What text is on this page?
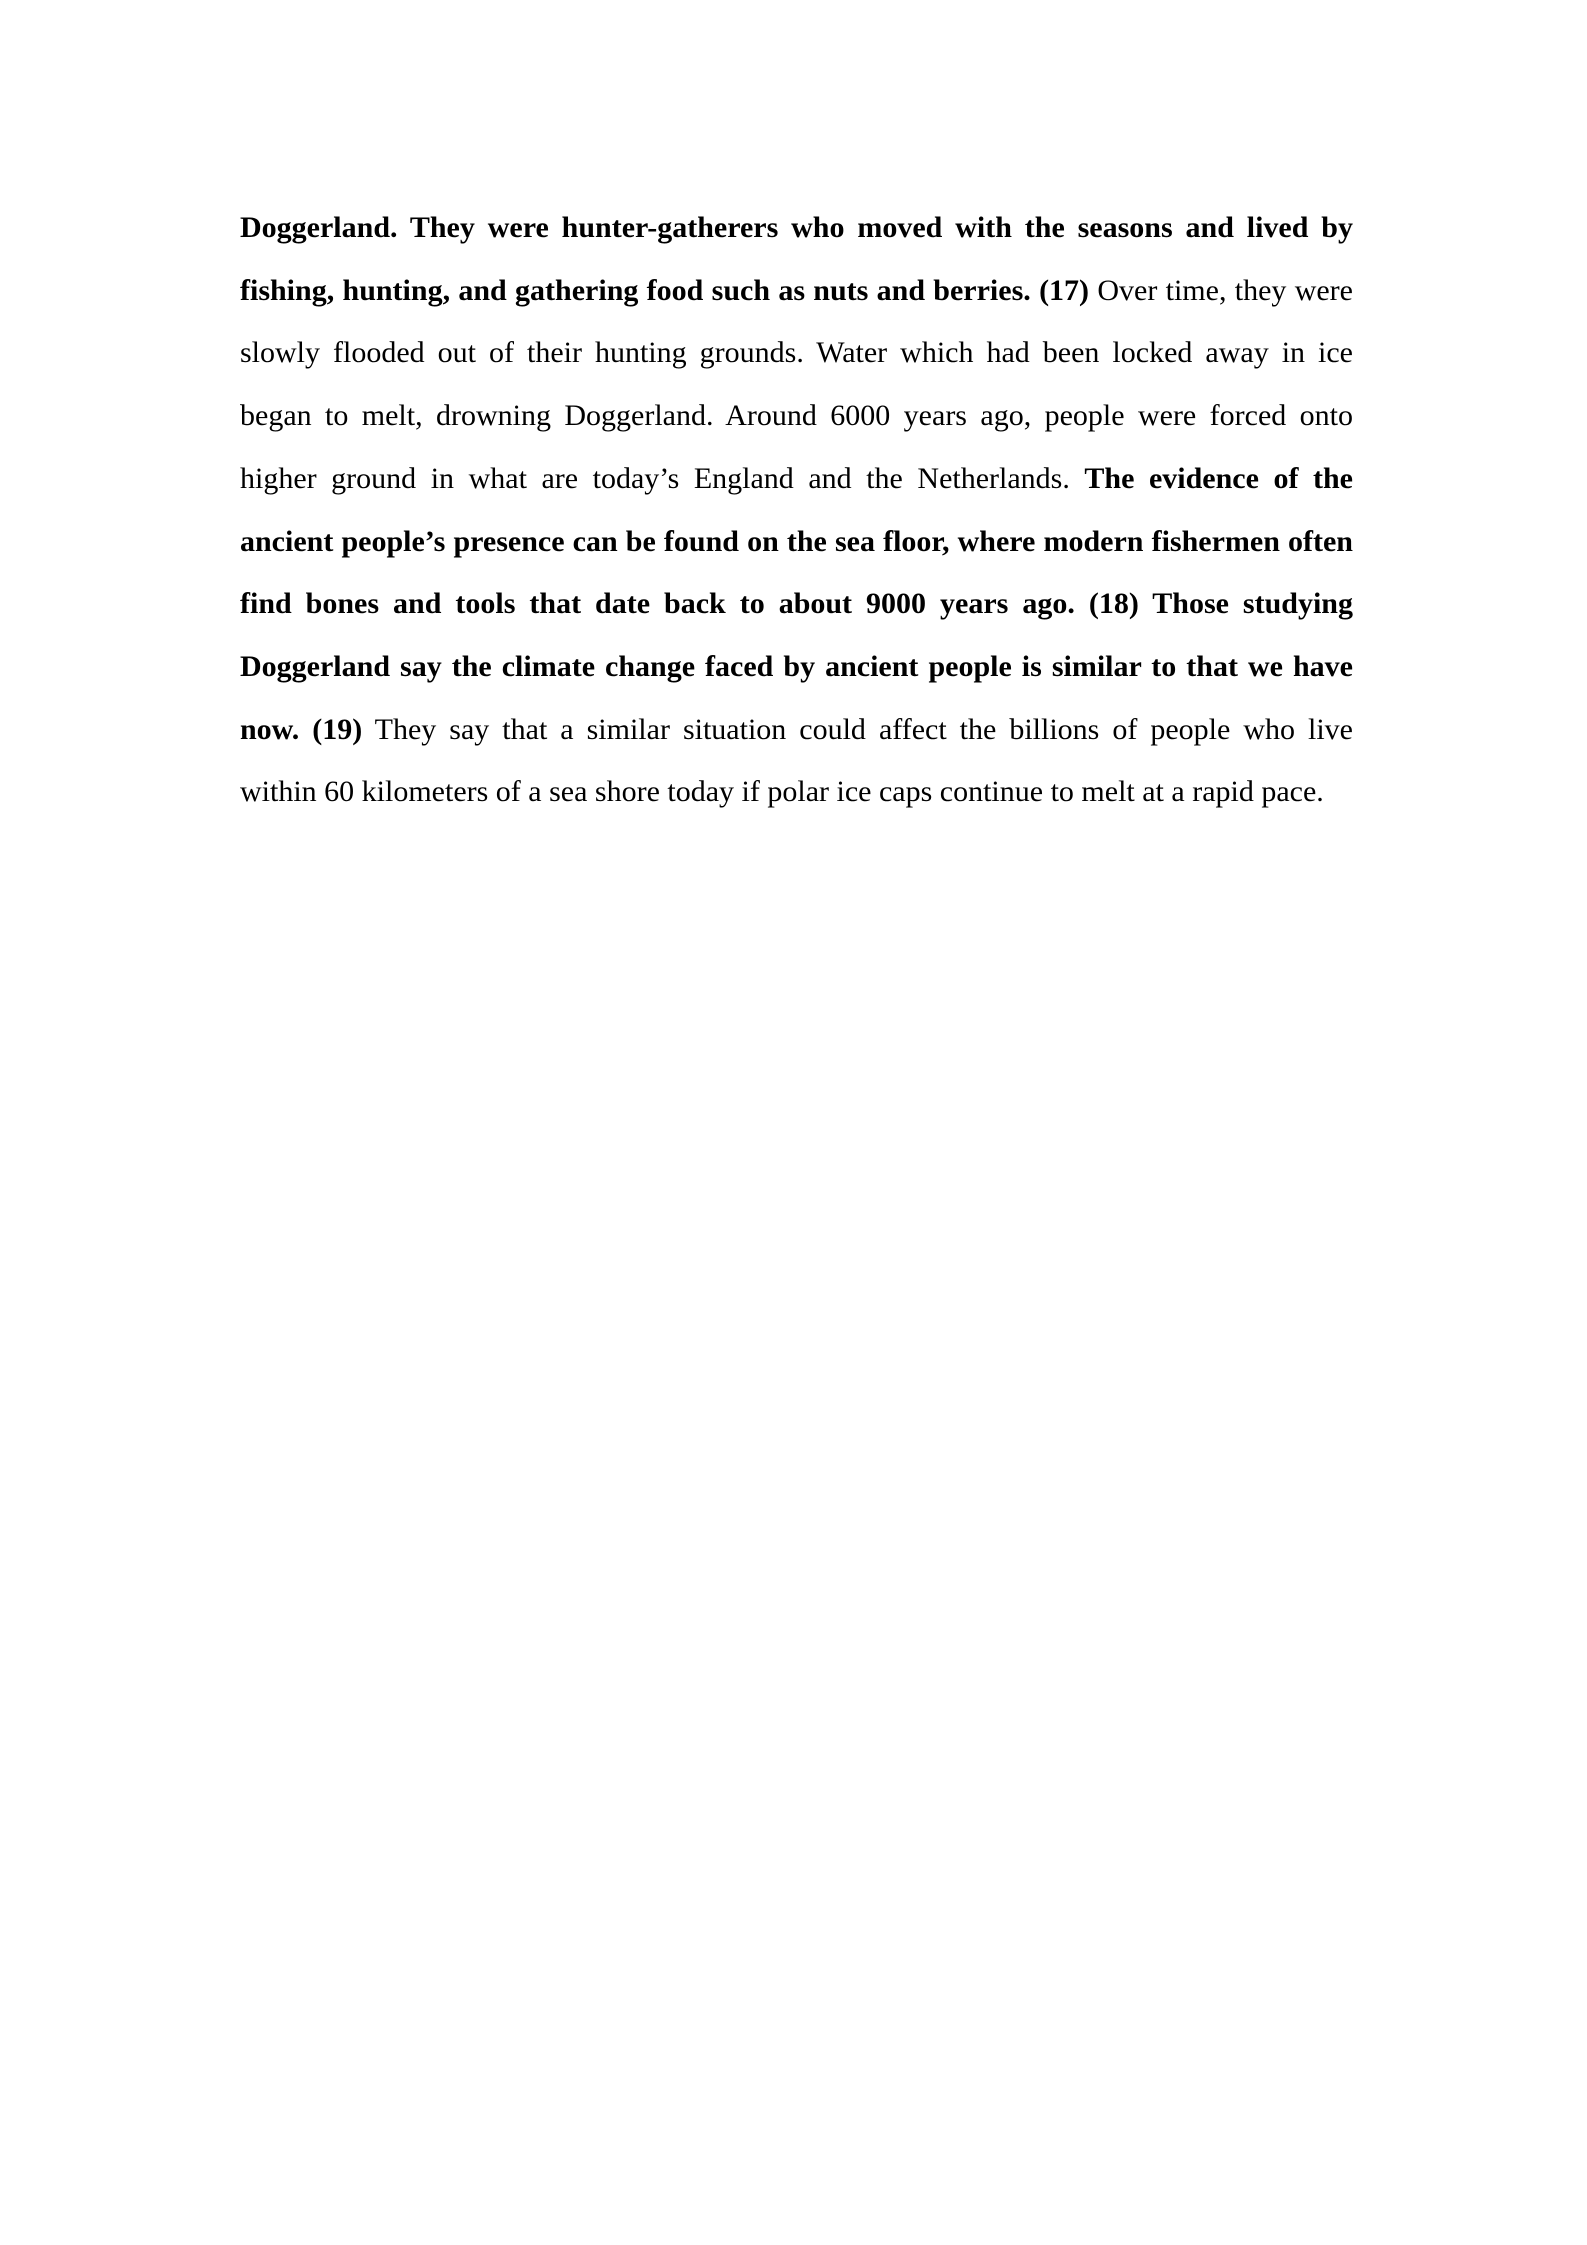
Doggerland. They were hunter-gatherers who moved with the seasons and lived by fishing, hunting, and gathering food such as nuts and berries. (17) Over time, they were slowly flooded out of their hunting grounds. Water which had been locked away in ice began to melt, drowning Doggerland. Around 6000 years ago, people were forced onto higher ground in what are today’s England and the Netherlands. The evidence of the ancient people’s presence can be found on the sea floor, where modern fishermen often find bones and tools that date back to about 9000 years ago. (18) Those studying Doggerland say the climate change faced by ancient people is similar to that we have now. (19) They say that a similar situation could affect the billions of people who live within 60 kilometers of a sea shore today if polar ice caps continue to melt at a rapid pace.
